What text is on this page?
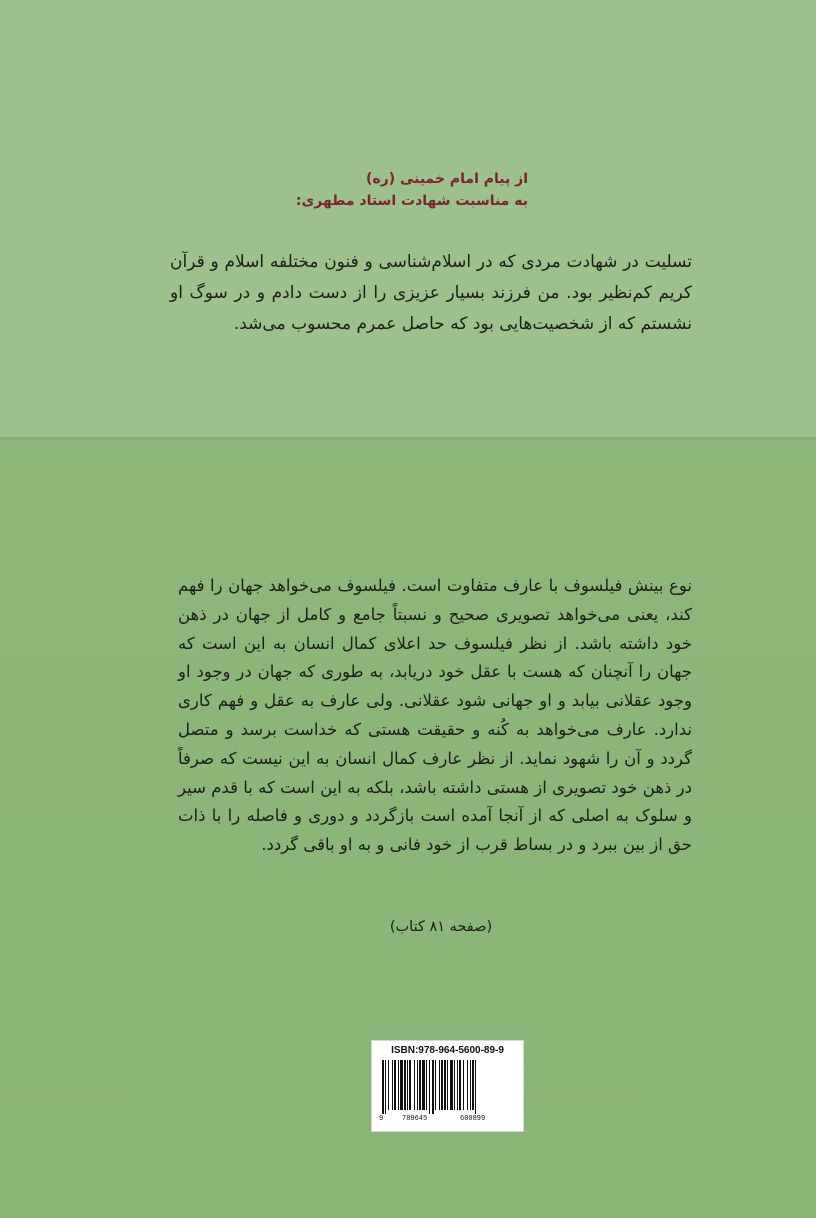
از پیام امام خمینی (ره)
به مناسبت شهادت استاد مطهری:
تسلیت در شهادت مردی که در اسلام‌شناسی و فنون مختلفه اسلام و قرآن کریم کم‌نظیر بود. من فرزند بسیار عزیزی را از دست دادم و در سوگ او نشستم که از شخصیت‌هایی بود که حاصل عمرم محسوب می‌شد.
نوع بینش فیلسوف با عارف متفاوت است. فیلسوف می‌خواهد جهان را فهم کند، یعنی می‌خواهد تصویری صحیح و نسبتاً جامع و کامل از جهان در ذهن خود داشته باشد. از نظر فیلسوف حد اعلای کمال انسان به این است که جهان را آنچنان که هست با عقل خود دریابد، به طوری که جهان در وجود او وجود عقلانی بیابد و او جهانی شود عقلانی. ولی عارف به عقل و فهم کاری ندارد. عارف می‌خواهد به کُنه و حقیقت هستی که خداست برسد و متصل گردد و آن را شهود نماید. از نظر عارف کمال انسان به این نیست که صرفاً در ذهن خود تصویری از هستی داشته باشد، بلکه به این است که با قدم سیر و سلوک به اصلی که از آنجا آمده است بازگردد و دوری و فاصله را با ذات حق از بین ببرد و در بساط قرب از خود فانی و به او باقی گردد.
(صفحه ۸۱ کتاب)
ISBN:978-964-5600-89-9
9	789645	600899
